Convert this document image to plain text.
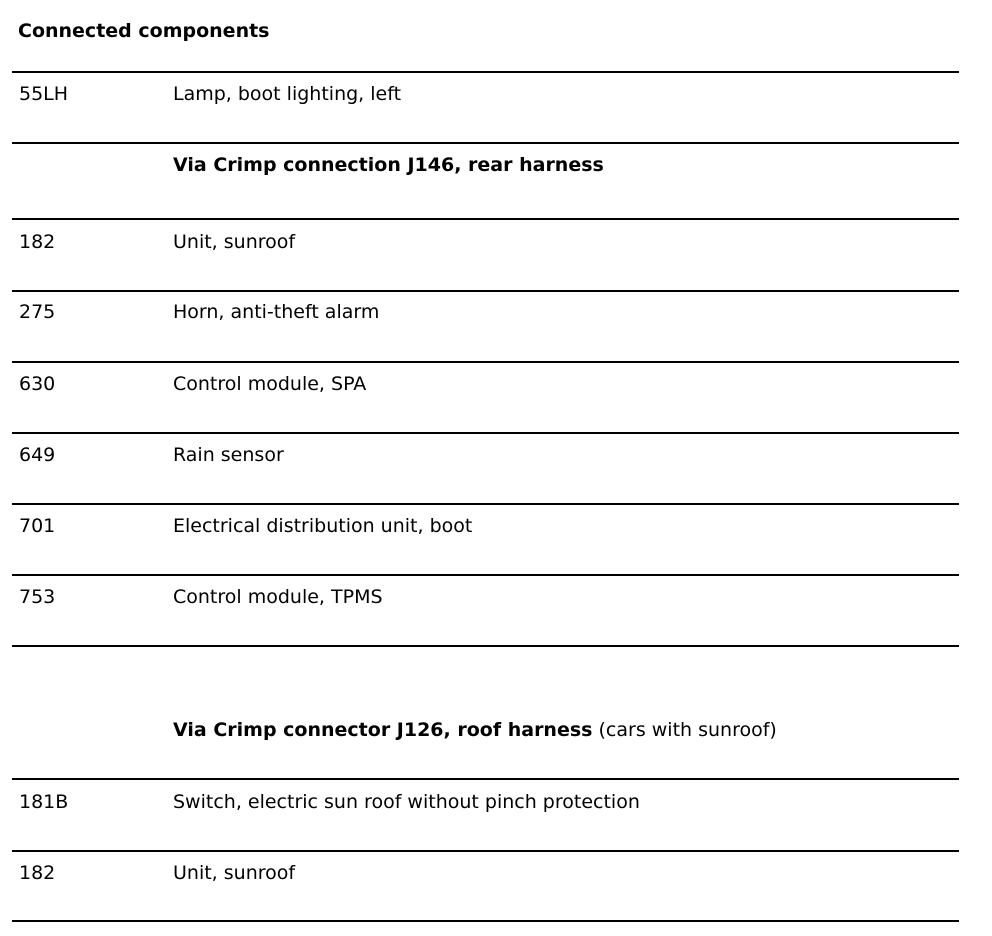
Connected components
55LH	Lamp, boot lighting, left
Via Crimp connection J146, rear harness
182	Unit, sunroof
275	Horn, anti-theft alarm
630	Control module, SPA
649	Rain sensor
701	Electrical distribution unit, boot
753	Control module, TPMS
Via Crimp connector J126, roof harness (cars with sunroof)
181B	Switch, electric sun roof without pinch protection
182	Unit, sunroof
